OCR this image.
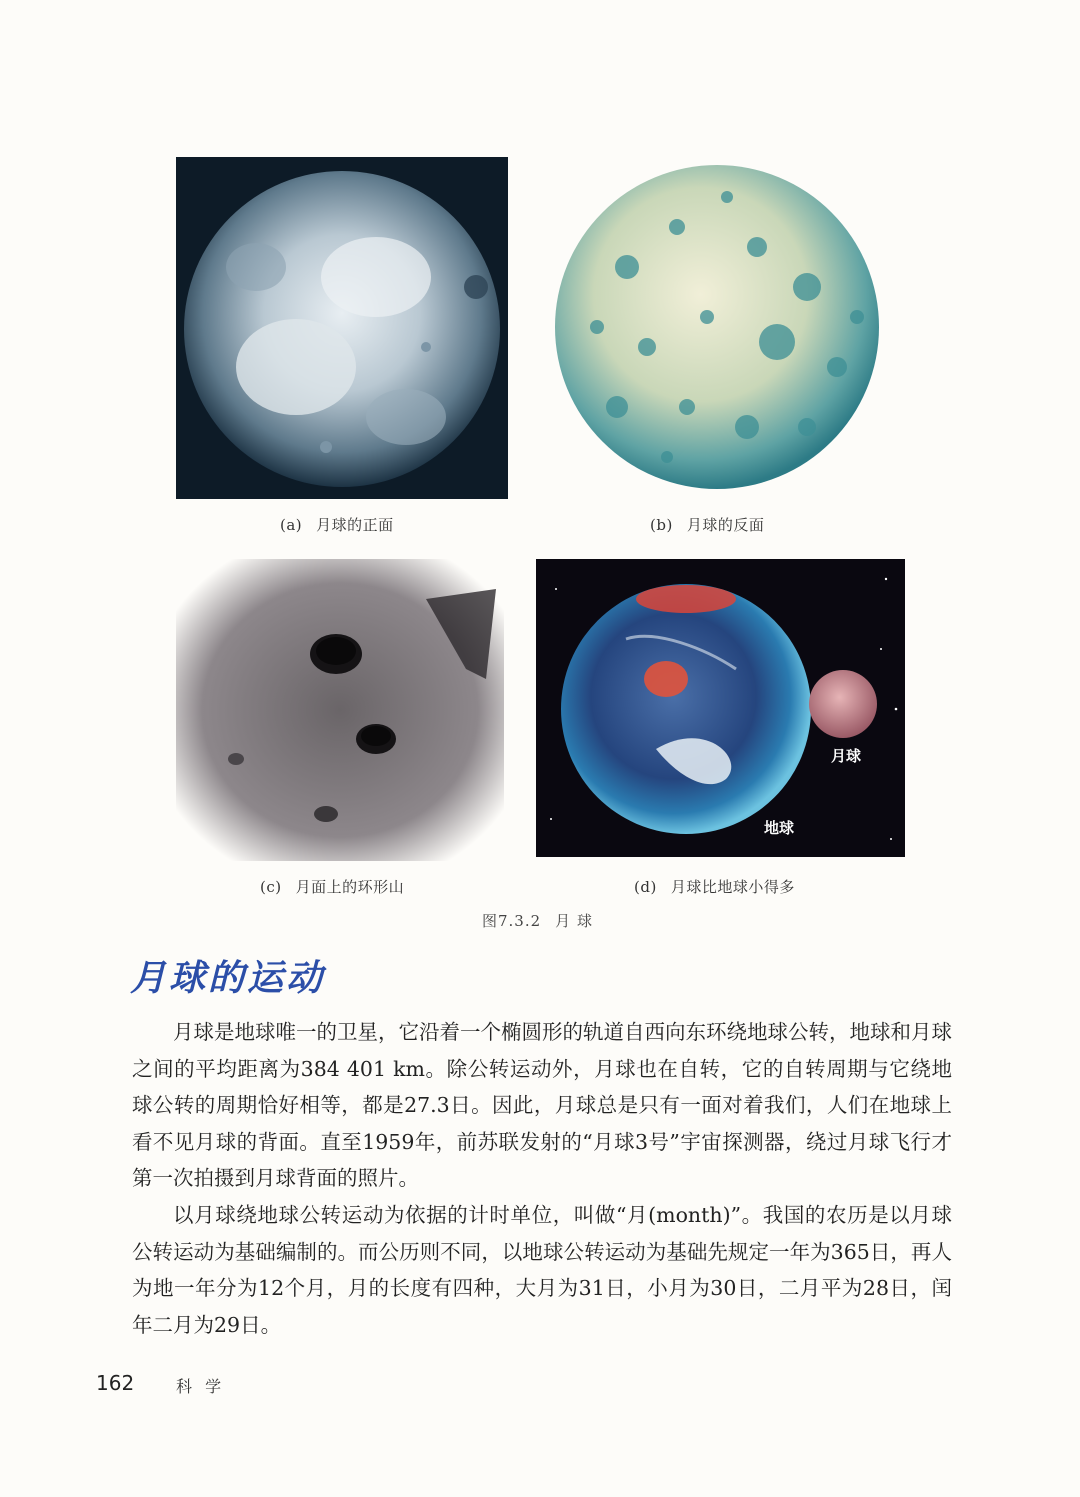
月球
地球
(a) 月球的正面	(b) 月球的反面
(c) 月面上的环形山	(d) 月球比地球小得多
图7.3.2 月 球
月球的运动

月球是地球唯一的卫星，它沿着一个椭圆形的轨道自西向东环绕地球公转，地球和月球之间的平均距离为384 401 km。除公转运动外，月球也在自转，它的自转周期与它绕地球公转的周期恰好相等，都是27.3日。因此，月球总是只有一面对着我们，人们在地球上看不见月球的背面。直至1959年，前苏联发射的“月球3号”宇宙探测器，绕过月球飞行才第一次拍摄到月球背面的照片。

以月球绕地球公转运动为依据的计时单位，叫做“月(month)”。我国的农历是以月球公转运动为基础编制的。而公历则不同，以地球公转运动为基础先规定一年为365日，再人为地一年分为12个月，月的长度有四种，大月为31日，小月为30日，二月平为28日，闰年二月为29日。

162	科 学
